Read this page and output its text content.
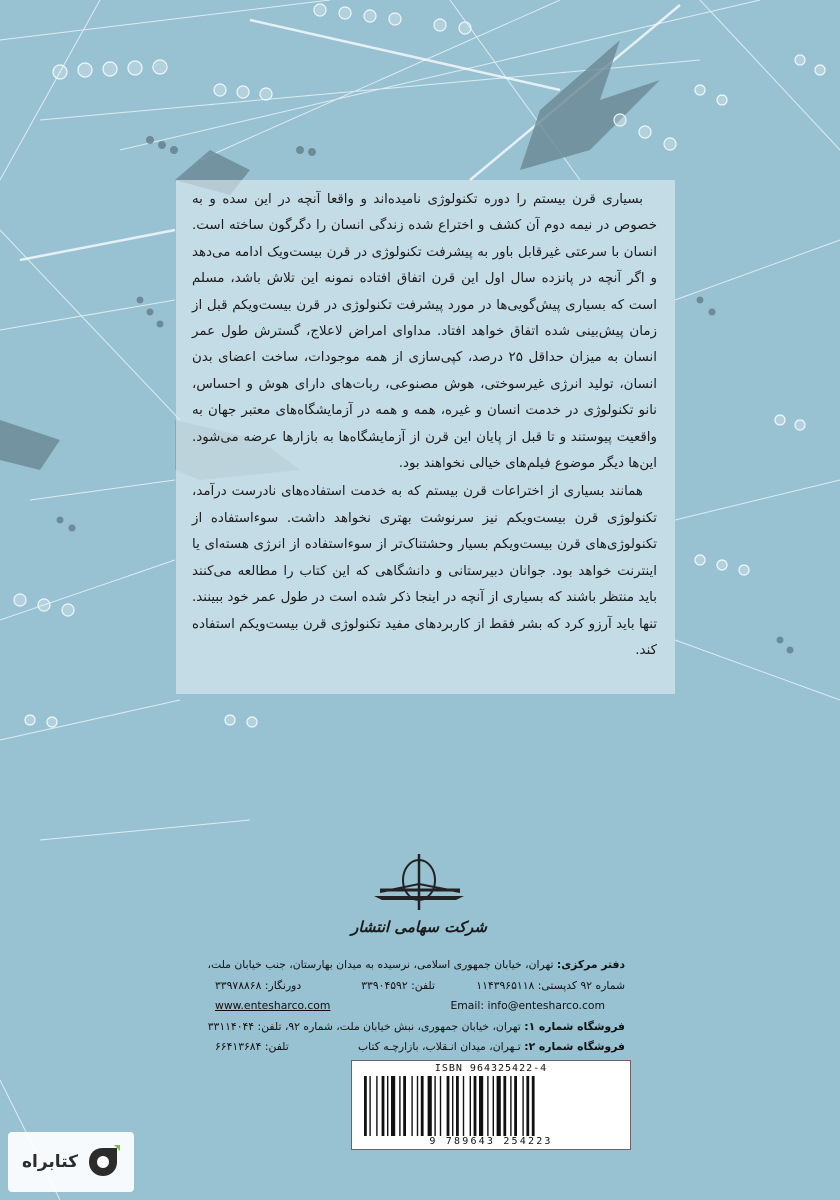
بسیاری قرن بیستم را دوره تکنولوژی نامیده‌اند و واقعا آنچه در این سده و به خصوص در نیمه دوم آن کشف و اختراع شده زندگی انسان را دگرگون ساخته است. انسان با سرعتی غیرقابل باور به پیشرفت تکنولوژی در قرن بیست‌ویک ادامه می‌دهد و اگر آنچه در پانزده سال اول این قرن اتفاق افتاده نمونه این تلاش باشد، مسلم است که بسیاری پیش‌گویی‌ها در مورد پیشرفت تکنولوژی در قرن بیست‌ویکم قبل از زمان پیش‌بینی شده اتفاق خواهد افتاد. مداوای امراض لاعلاج، گسترش طول عمر انسان به میزان حداقل ۲۵ درصد، کپی‌سازی از همه موجودات، ساخت اعضای بدن انسان، تولید انرژی غیرسوختی، هوش مصنوعی، ربات‌های دارای هوش و احساس، نانو تکنولوژی در خدمت انسان و غیره، همه و همه در آزمایشگاه‌های معتبر جهان به واقعیت پیوستند و تا قبل از پایان این قرن از آزمایشگاه‌ها به بازارها عرضه می‌شود. این‌ها دیگر موضوع فیلم‌های خیالی نخواهند بود.

همانند بسیاری از اختراعات قرن بیستم که به خدمت استفاده‌های نادرست درآمد، تکنولوژی قرن بیست‌ویکم نیز سرنوشت بهتری نخواهد داشت. سوءاستفاده از تکنولوژی‌های قرن بیست‌ویکم بسیار وحشتناک‌تر از سوءاستفاده از انرژی هسته‌ای یا اینترنت خواهد بود. جوانان دبیرستانی و دانشگاهی که این کتاب را مطالعه می‌کنند باید منتظر باشند که بسیاری از آنچه در اینجا ذکر شده است در طول عمر خود ببینند. تنها باید آرزو کرد که بشر فقط از کاربردهای مفید تکنولوژی قرن بیست‌ویکم استفاده کند.

شرکت سهامی انتشار
دفتر مرکزی: تهران، خیابان جمهوری اسلامی، نرسیده به میدان بهارستان، جنب خیابان ملت،
شماره ۹۲ کدپستی: ۱۱۴۳۹۶۵۱۱۸
تلفن: ۳۳۹۰۴۵۹۲
دورنگار: ۳۳۹۷۸۸۶۸
Email: info@entesharco.com
www.entesharco.com
فروشگاه شماره ۱: تهران، خیابان جمهوری، نبش خیابان ملت، شماره ۹۲، تلفن: ۳۳۱۱۴۰۴۴
فروشگاه شماره ۲: تـهران، میدان انـقلاب، بازارچـه کتاب
تلفن: ۶۶۴۱۳۶۸۴
ISBN 964325422-4
9 789643 254223
کتابراه
